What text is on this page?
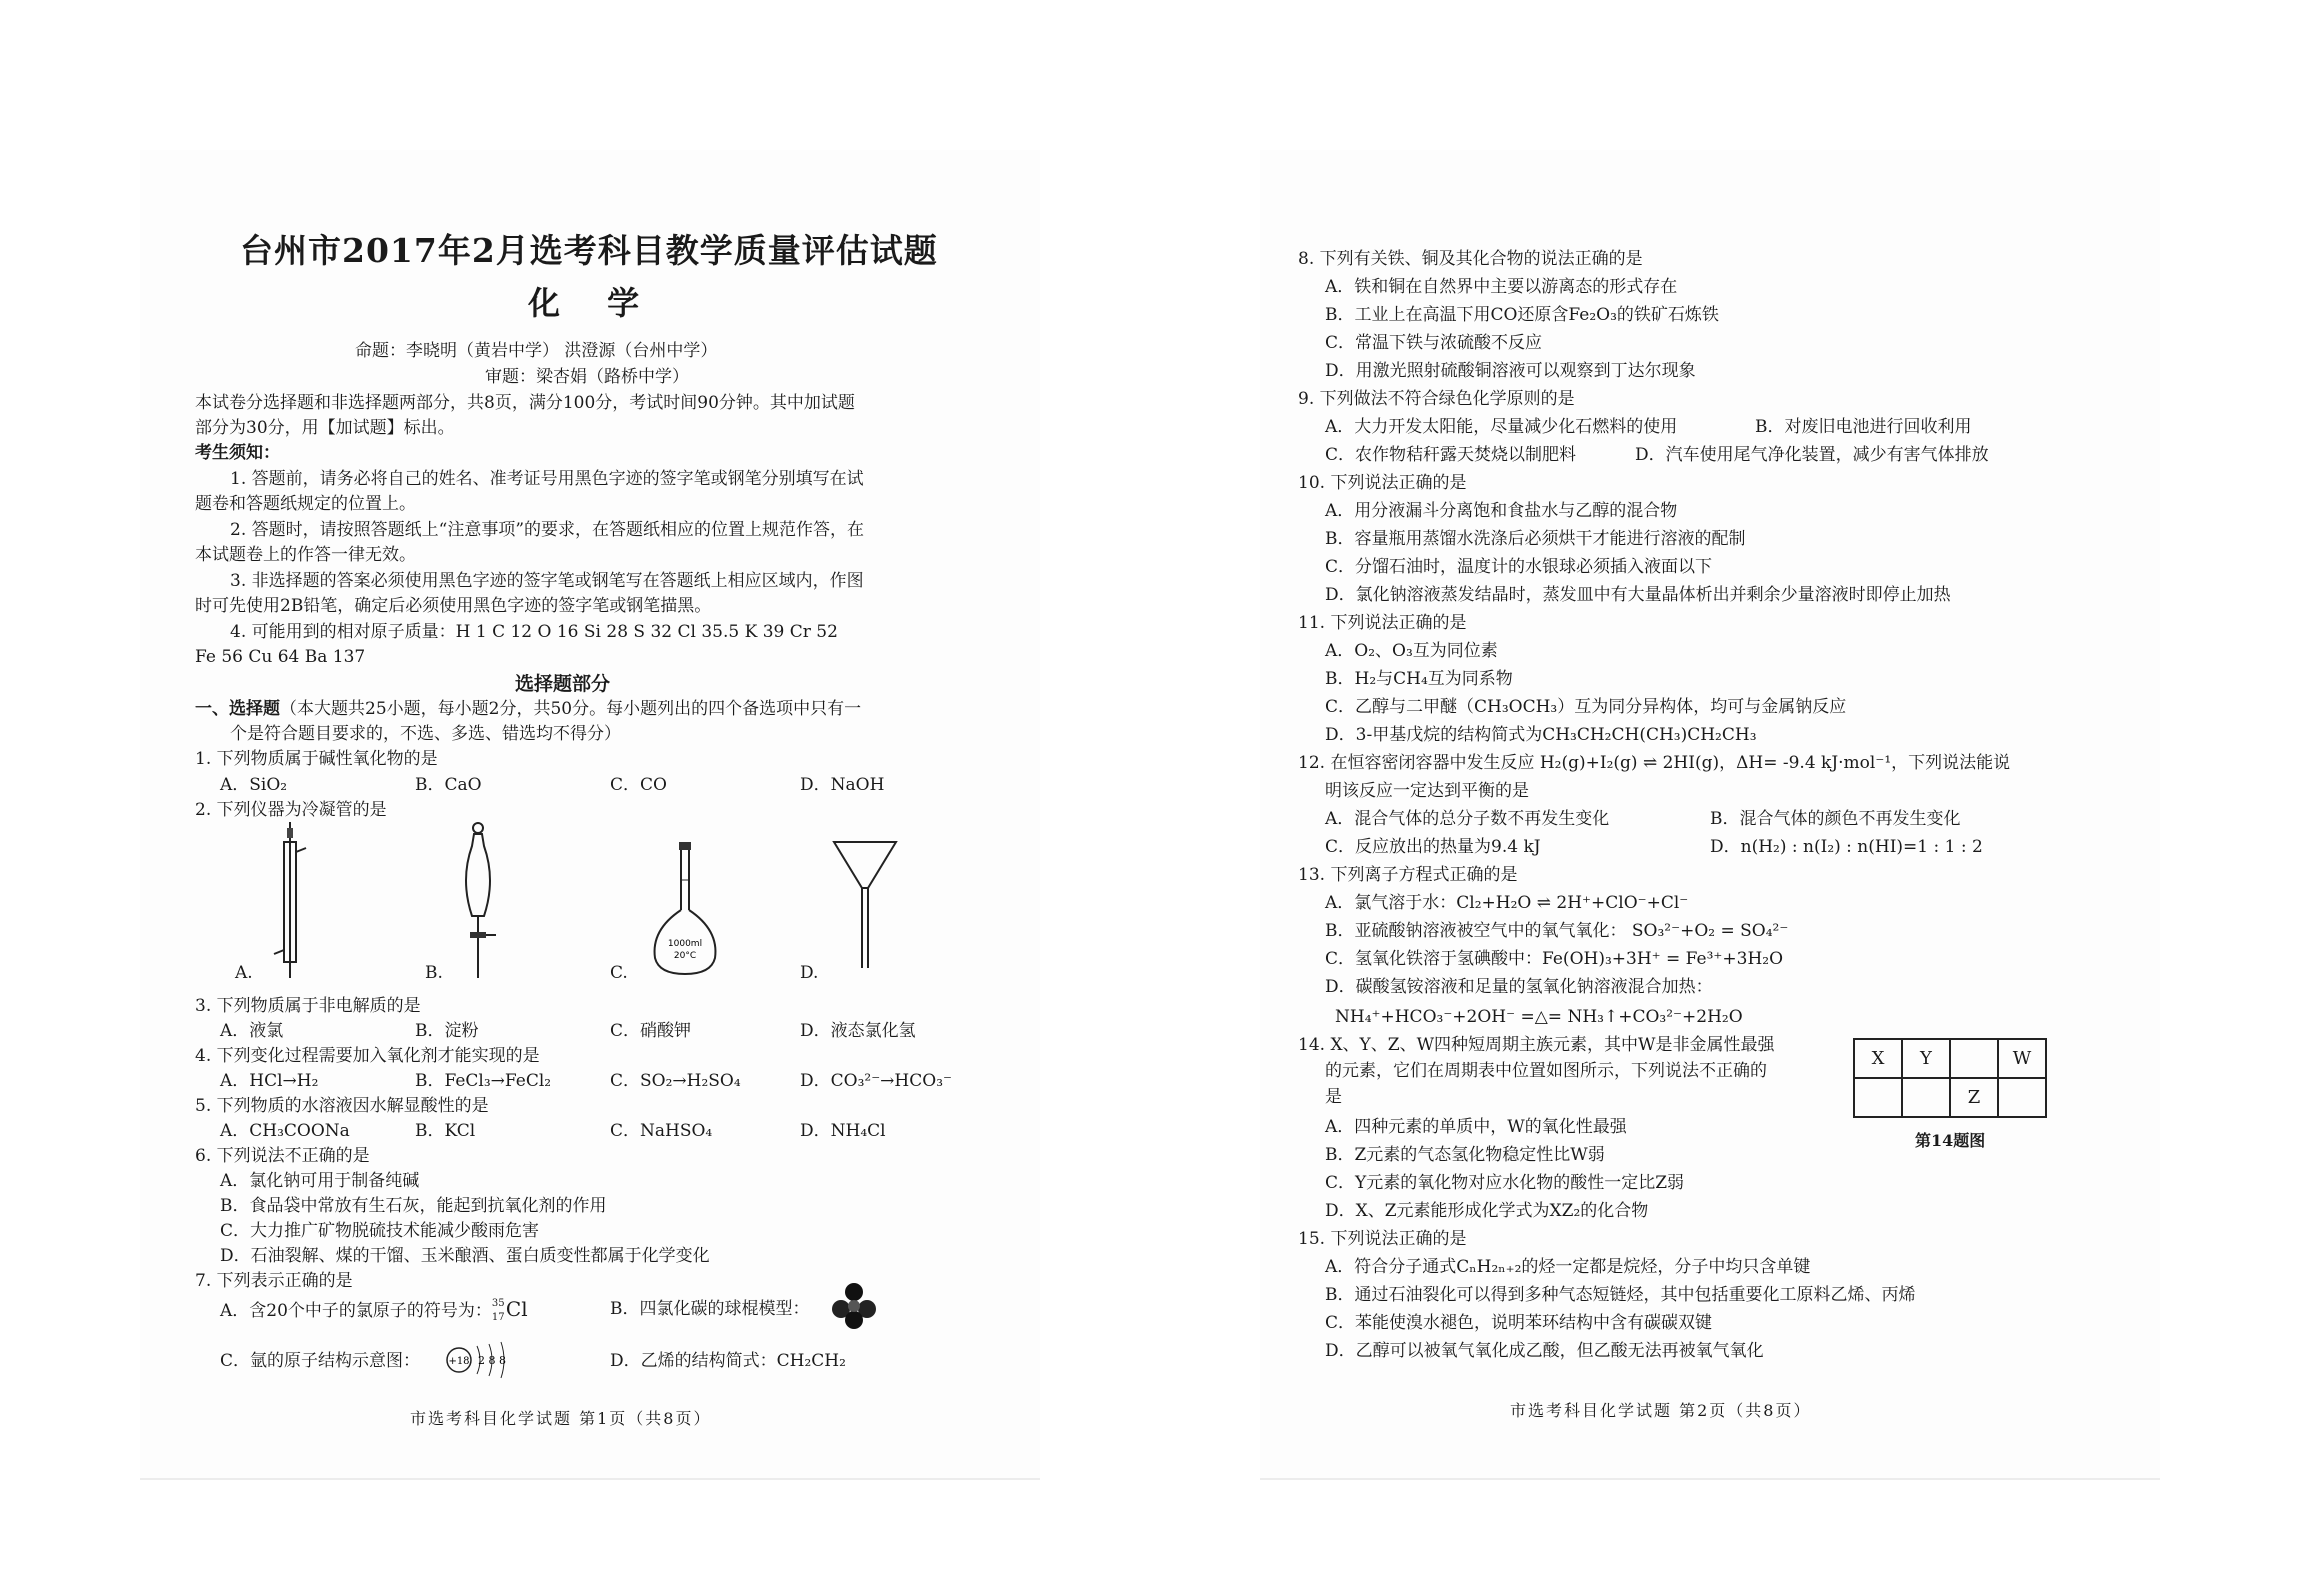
台州市2017年2月选考科目教学质量评估试题
化 学
命题：李晓明（黄岩中学） 洪澄源（台州中学）
审题：梁杏娟（路桥中学）
本试卷分选择题和非选择题两部分，共8页，满分100分，考试时间90分钟。其中加试题
部分为30分，用【加试题】标出。
考生须知：
1. 答题前，请务必将自己的姓名、准考证号用黑色字迹的签字笔或钢笔分别填写在试
题卷和答题纸规定的位置上。
2. 答题时，请按照答题纸上“注意事项”的要求，在答题纸相应的位置上规范作答，在
本试题卷上的作答一律无效。
3. 非选择题的答案必须使用黑色字迹的签字笔或钢笔写在答题纸上相应区域内，作图
时可先使用2B铅笔，确定后必须使用黑色字迹的签字笔或钢笔描黑。
4. 可能用到的相对原子质量：H 1 C 12 O 16 Si 28 S 32 Cl 35.5 K 39 Cr 52
Fe 56 Cu 64 Ba 137
选择题部分
一、选择题（本大题共25小题，每小题2分，共50分。每小题列出的四个备选项中只有一
个是符合题目要求的，不选、多选、错选均不得分）
1. 下列物质属于碱性氧化物的是
A．SiO₂	B．CaO	C．CO	D．NaOH
2. 下列仪器为冷凝管的是
1000ml
20°C
A.	B.	C.	D.
3. 下列物质属于非电解质的是
A．液氯	B．淀粉	C．硝酸钾	D．液态氯化氢
4. 下列变化过程需要加入氧化剂才能实现的是
A．HCl→H₂	B．FeCl₃→FeCl₂	C．SO₂→H₂SO₄	D．CO₃²⁻→HCO₃⁻
5. 下列物质的水溶液因水解显酸性的是
A．CH₃COONa	B．KCl	C．NaHSO₄	D．NH₄Cl
6. 下列说法不正确的是
A．氯化钠可用于制备纯碱
B．食品袋中常放有生石灰，能起到抗氧化剂的作用
C．大力推广矿物脱硫技术能减少酸雨危害
D．石油裂解、煤的干馏、玉米酿酒、蛋白质变性都属于化学变化
7. 下列表示正确的是
A．含20个中子的氯原子的符号为： 35
17 Cl	B．四氯化碳的球棍模型：
C．氩的原子结构示意图：	+18 2 8 8	D．乙烯的结构简式：CH₂CH₂
市选考科目化学试题 第1页（共8页）
8. 下列有关铁、铜及其化合物的说法正确的是
A．铁和铜在自然界中主要以游离态的形式存在
B．工业上在高温下用CO还原含Fe₂O₃的铁矿石炼铁
C．常温下铁与浓硫酸不反应
D．用激光照射硫酸铜溶液可以观察到丁达尔现象
9. 下列做法不符合绿色化学原则的是
A．大力开发太阳能，尽量减少化石燃料的使用	B．对废旧电池进行回收利用
C．农作物秸秆露天焚烧以制肥料	D．汽车使用尾气净化装置，减少有害气体排放
10. 下列说法正确的是
A．用分液漏斗分离饱和食盐水与乙醇的混合物
B．容量瓶用蒸馏水洗涤后必须烘干才能进行溶液的配制
C．分馏石油时，温度计的水银球必须插入液面以下
D．氯化钠溶液蒸发结晶时，蒸发皿中有大量晶体析出并剩余少量溶液时即停止加热
11. 下列说法正确的是
A．O₂、O₃互为同位素
B．H₂与CH₄互为同系物
C．乙醇与二甲醚（CH₃OCH₃）互为同分异构体，均可与金属钠反应
D．3-甲基戊烷的结构简式为CH₃CH₂CH(CH₃)CH₂CH₃
12. 在恒容密闭容器中发生反应 H₂(g)+I₂(g) ⇌ 2HI(g)，ΔH= -9.4 kJ·mol⁻¹，下列说法能说
明该反应一定达到平衡的是
A．混合气体的总分子数不再发生变化	B．混合气体的颜色不再发生变化
C．反应放出的热量为9.4 kJ	D．n(H₂) : n(I₂) : n(HI)=1 : 1 : 2
13. 下列离子方程式正确的是
A．氯气溶于水：Cl₂+H₂O ⇌ 2H⁺+ClO⁻+Cl⁻
B．亚硫酸钠溶液被空气中的氧气氧化： SO₃²⁻+O₂ = SO₄²⁻
C．氢氧化铁溶于氢碘酸中：Fe(OH)₃+3H⁺ = Fe³⁺+3H₂O
D．碳酸氢铵溶液和足量的氢氧化钠溶液混合加热：
NH₄⁺+HCO₃⁻+2OH⁻ =△= NH₃↑+CO₃²⁻+2H₂O
14. X、Y、Z、W四种短周期主族元素，其中W是非金属性最强
的元素，它们在周期表中位置如图所示，下列说法不正确的
是
X	Y		W
		Z	
第14题图
A．四种元素的单质中，W的氧化性最强
B．Z元素的气态氢化物稳定性比W弱
C．Y元素的氧化物对应水化物的酸性一定比Z弱
D．X、Z元素能形成化学式为XZ₂的化合物
15. 下列说法正确的是
A．符合分子通式CₙH₂ₙ₊₂的烃一定都是烷烃，分子中均只含单键
B．通过石油裂化可以得到多种气态短链烃，其中包括重要化工原料乙烯、丙烯
C．苯能使溴水褪色，说明苯环结构中含有碳碳双键
D．乙醇可以被氧气氧化成乙酸，但乙酸无法再被氧气氧化
市选考科目化学试题 第2页（共8页）
